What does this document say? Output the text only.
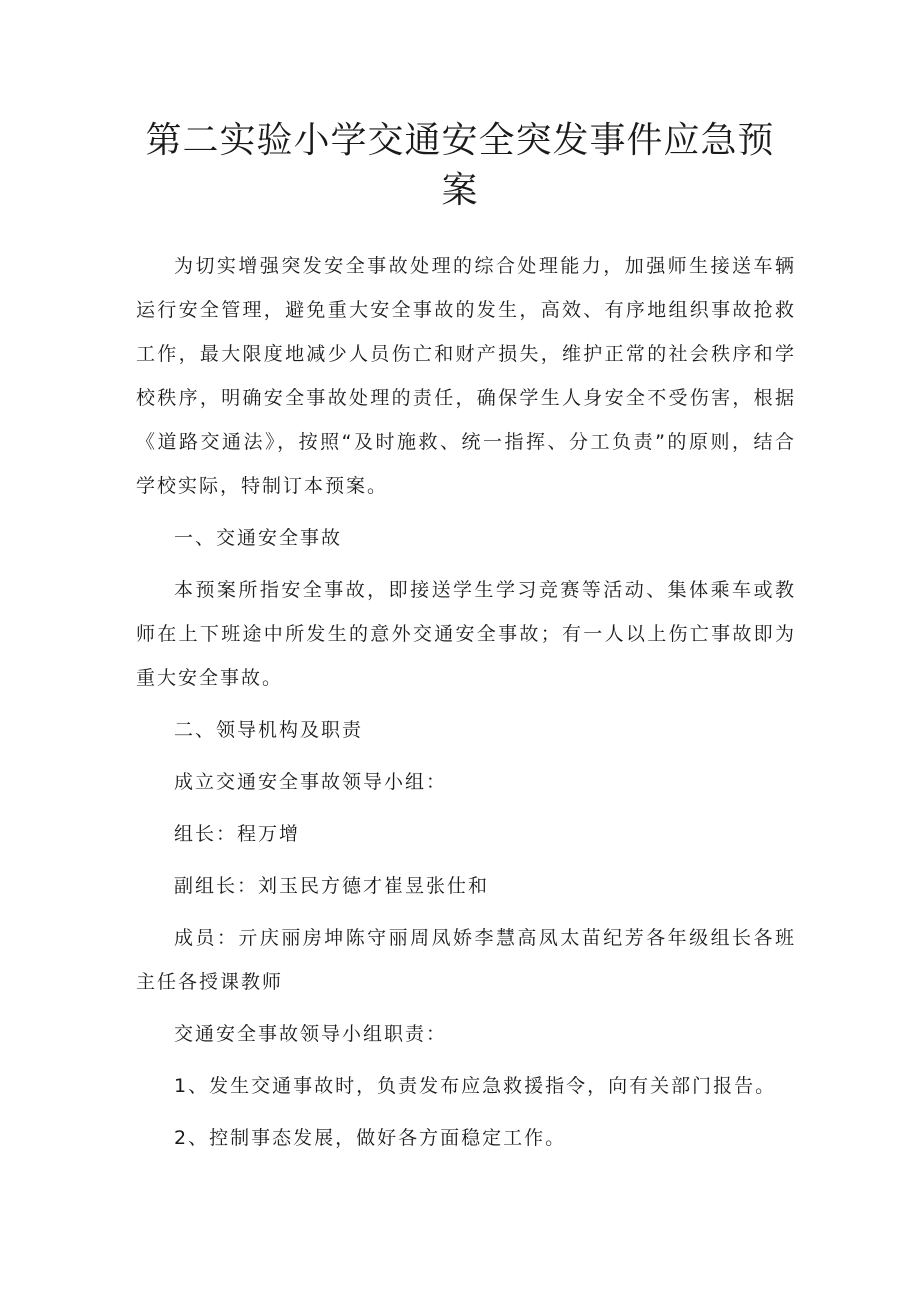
第二实验小学交通安全突发事件应急预案

为切实增强突发安全事故处理的综合处理能力，加强师生接送车辆运行安全管理，避免重大安全事故的发生，高效、有序地组织事故抢救工作，最大限度地减少人员伤亡和财产损失，维护正常的社会秩序和学校秩序，明确安全事故处理的责任，确保学生人身安全不受伤害，根据《道路交通法》，按照“及时施救、统一指挥、分工负责”的原则，结合学校实际，特制订本预案。

一、交通安全事故

本预案所指安全事故，即接送学生学习竞赛等活动、集体乘车或教师在上下班途中所发生的意外交通安全事故；有一人以上伤亡事故即为重大安全事故。

二、领导机构及职责

成立交通安全事故领导小组：

组长：程万增

副组长：刘玉民方德才崔昱张仕和

成员：亓庆丽房坤陈守丽周凤娇李慧高凤太苗纪芳各年级组长各班主任各授课教师

交通安全事故领导小组职责：

1、发生交通事故时，负责发布应急救援指令，向有关部门报告。

2、控制事态发展，做好各方面稳定工作。
